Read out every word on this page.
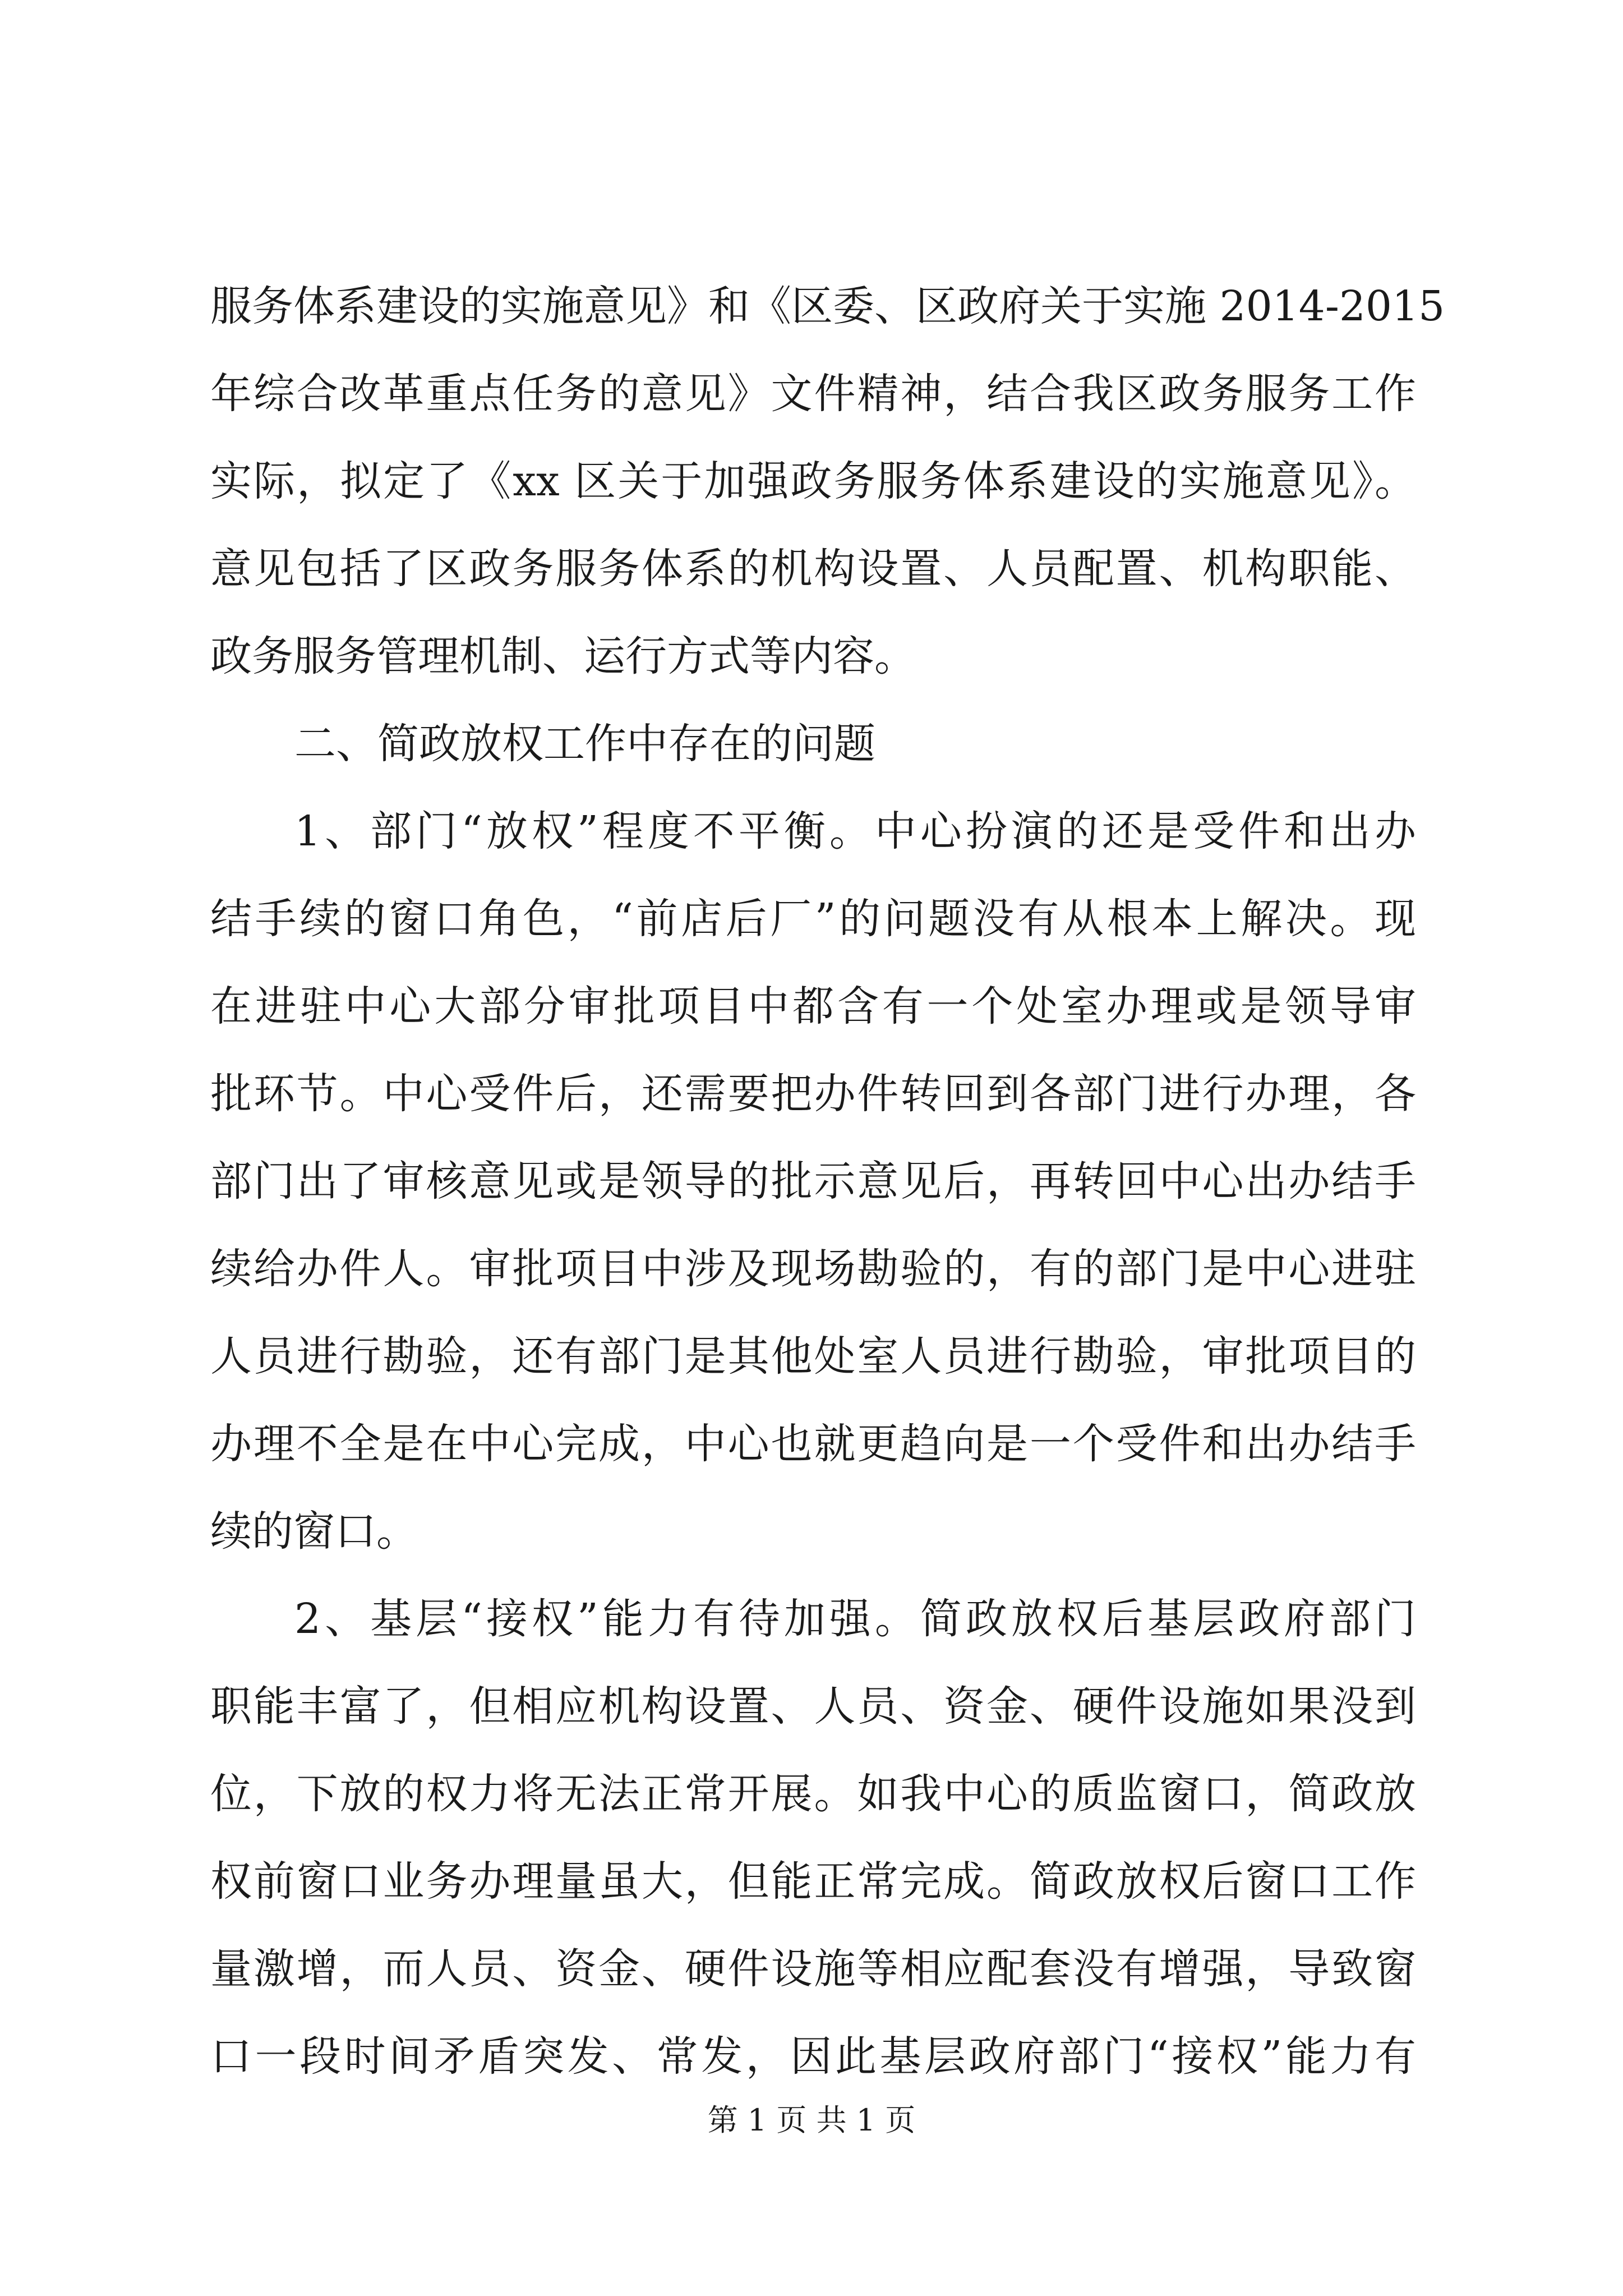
服务体系建设的实施意见》和《区委、区政府关于实施 2014-2015
年综合改革重点任务的意见》文件精神，结合我区政务服务工作
实际，拟定了《xx 区关于加强政务服务体系建设的实施意见》。
意见包括了区政务服务体系的机构设置、人员配置、机构职能、
政务服务管理机制、运行方式等内容。
二、简政放权工作中存在的问题
1、部门“放权”程度不平衡。中心扮演的还是受件和出办
结手续的窗口角色，“前店后厂”的问题没有从根本上解决。现
在进驻中心大部分审批项目中都含有一个处室办理或是领导审
批环节。中心受件后，还需要把办件转回到各部门进行办理，各
部门出了审核意见或是领导的批示意见后，再转回中心出办结手
续给办件人。审批项目中涉及现场勘验的，有的部门是中心进驻
人员进行勘验，还有部门是其他处室人员进行勘验，审批项目的
办理不全是在中心完成，中心也就更趋向是一个受件和出办结手
续的窗口。
2、基层“接权”能力有待加强。简政放权后基层政府部门
职能丰富了，但相应机构设置、人员、资金、硬件设施如果没到
位，下放的权力将无法正常开展。如我中心的质监窗口，简政放
权前窗口业务办理量虽大，但能正常完成。简政放权后窗口工作
量激增，而人员、资金、硬件设施等相应配套没有增强，导致窗
口一段时间矛盾突发、常发，因此基层政府部门“接权”能力有
第 1 页 共 1 页
